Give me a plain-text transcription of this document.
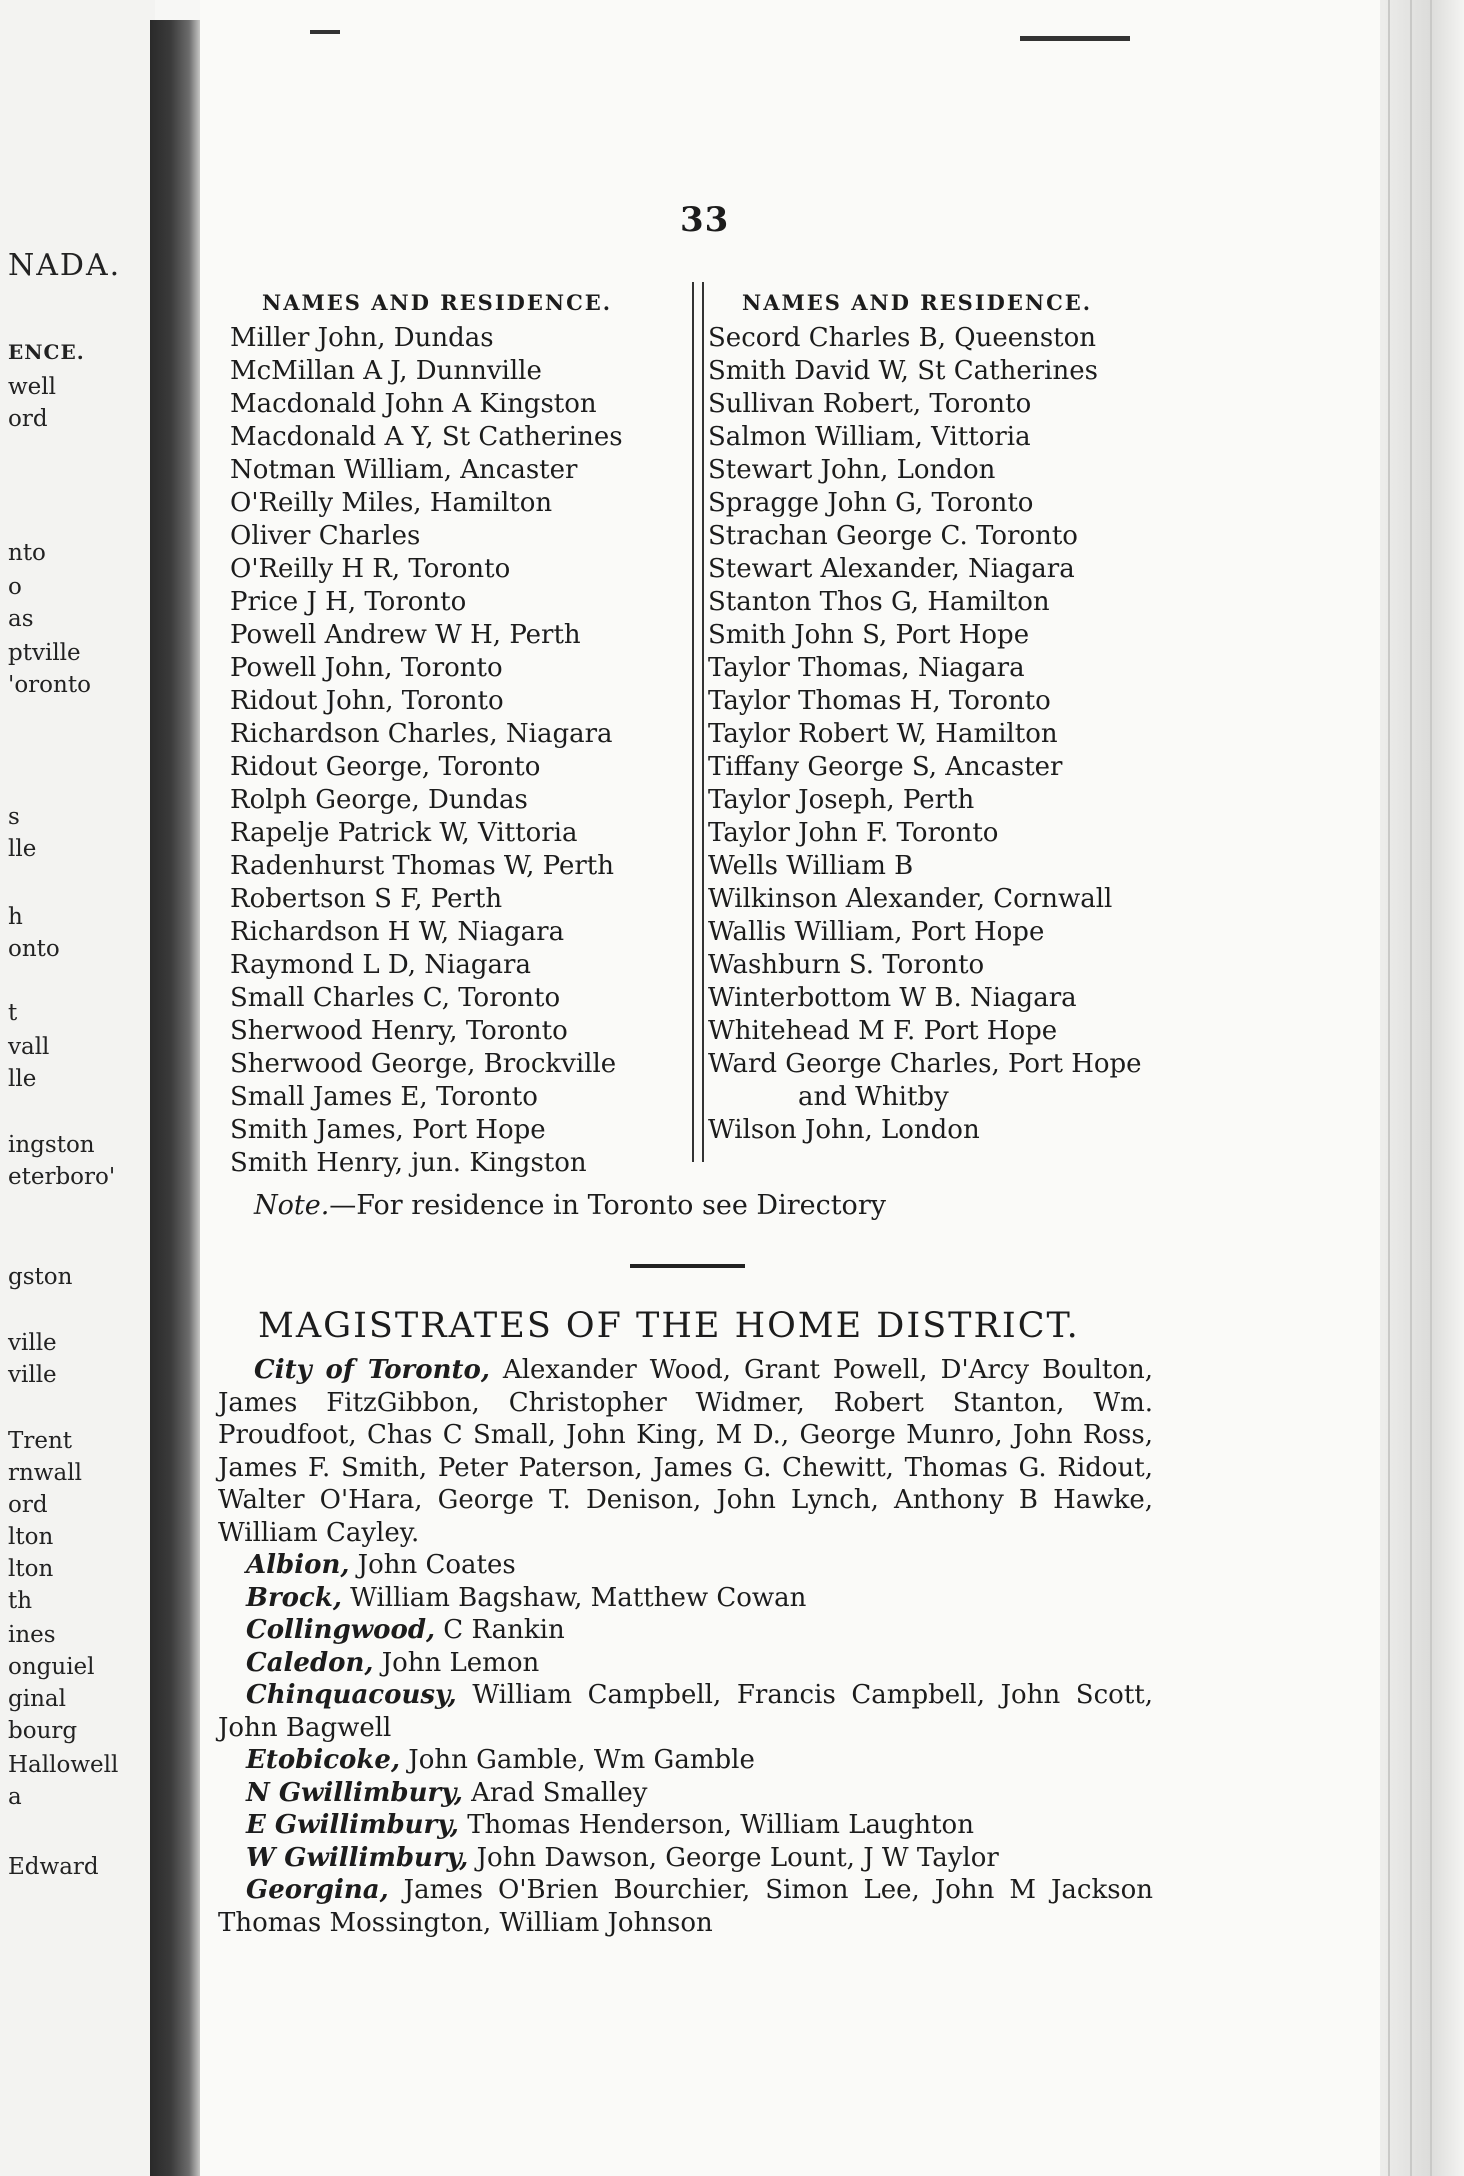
NADA.
ENCE.
well
ord
nto
o
as
ptville
'oronto
s
lle
h
onto
t
vall
lle
ingston
eterboro'
gston
ville
ville
Trent
rnwall
ord
lton
lton
th
ines
onguiel
ginal
bourg
Hallowell
a
Edward
33
NAMES AND RESIDENCE.	NAMES AND RESIDENCE.
Miller John, Dundas
McMillan A J, Dunnville
Macdonald John A Kingston
Macdonald A Y, St Catherines
Notman William, Ancaster
O'Reilly Miles, Hamilton
Oliver Charles
O'Reilly H R, Toronto
Price J H, Toronto
Powell Andrew W H, Perth
Powell John, Toronto
Ridout John, Toronto
Richardson Charles, Niagara
Ridout George, Toronto
Rolph George, Dundas
Rapelje Patrick W, Vittoria
Radenhurst Thomas W, Perth
Robertson S F, Perth
Richardson H W, Niagara
Raymond L D, Niagara
Small Charles C, Toronto
Sherwood Henry, Toronto
Sherwood George, Brockville
Small James E, Toronto
Smith James, Port Hope
Smith Henry, jun. Kingston
Secord Charles B, Queenston
Smith David W, St Catherines
Sullivan Robert, Toronto
Salmon William, Vittoria
Stewart John, London
Spragge John G, Toronto
Strachan George C. Toronto
Stewart Alexander, Niagara
Stanton Thos G, Hamilton
Smith John S, Port Hope
Taylor Thomas, Niagara
Taylor Thomas H, Toronto
Taylor Robert W, Hamilton
Tiffany George S, Ancaster
Taylor Joseph, Perth
Taylor John F. Toronto
Wells William B
Wilkinson Alexander, Cornwall
Wallis William, Port Hope
Washburn S. Toronto
Winterbottom W B. Niagara
Whitehead M F. Port Hope
Ward George Charles, Port Hope
and Whitby
Wilson John, London
Note.—For residence in Toronto see Directory
MAGISTRATES OF THE HOME DISTRICT.

City of Toronto, Alexander Wood, Grant Powell, D'Arcy Boulton, James FitzGibbon, Christopher Widmer, Robert Stanton, Wm. Proudfoot, Chas C Small, John King, M D., George Munro, John Ross, James F. Smith, Peter Paterson, James G. Chewitt, Thomas G. Ridout, Walter O'Hara, George T. Denison, John Lynch, Anthony B Hawke, William Cayley.

Albion, John Coates

Brock, William Bagshaw, Matthew Cowan

Collingwood, C Rankin

Caledon, John Lemon

Chinquacousy, William Campbell, Francis Campbell, John Scott, John Bagwell

Etobicoke, John Gamble, Wm Gamble

N Gwillimbury, Arad Smalley

E Gwillimbury, Thomas Henderson, William Laughton

W Gwillimbury, John Dawson, George Lount, J W Taylor

Georgina, James O'Brien Bourchier, Simon Lee, John M Jackson Thomas Mossington, William Johnson
